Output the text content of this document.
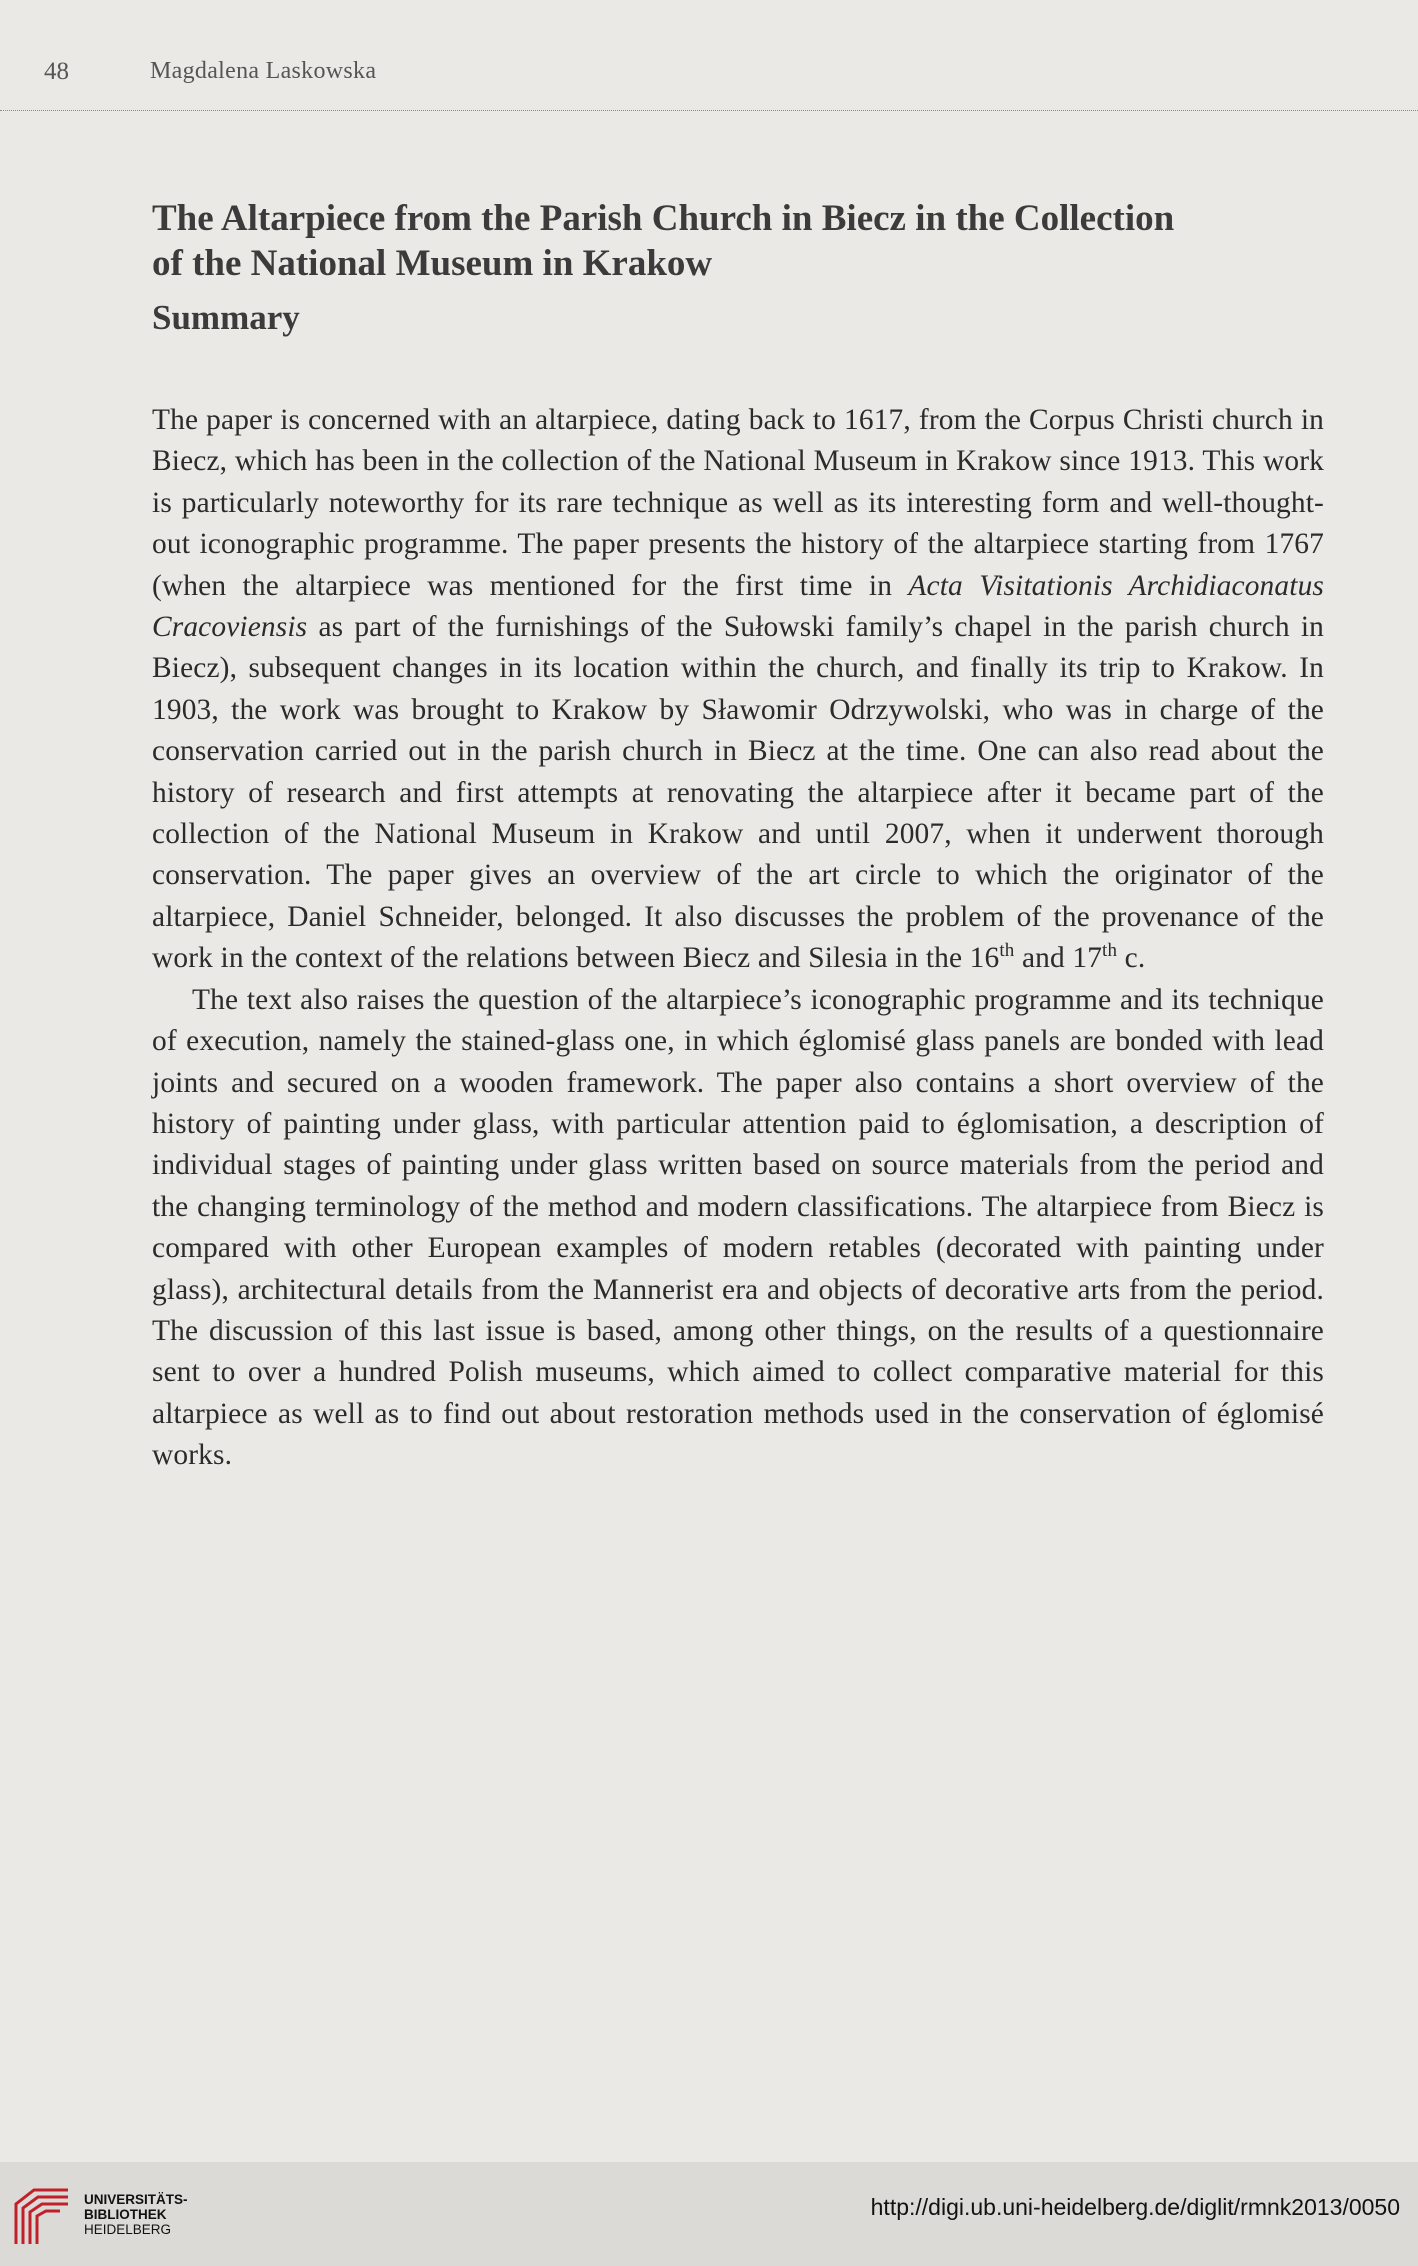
48	Magdalena Laskowska
The Altarpiece from the Parish Church in Biecz in the Collection
of the National Museum in Krakow
Summary

The paper is concerned with an altarpiece, dating back to 1617, from the Corpus Christi church in Biecz, which has been in the collection of the National Museum in Krakow since 1913. This work is particularly noteworthy for its rare technique as well as its interesting form and well-thought-out iconographic programme. The paper presents the history of the altarpiece starting from 1767 (when the altarpiece was mentioned for the first time in Acta Visitationis Archidiaconatus Cracoviensis as part of the furnishings of the Sułowski family’s chapel in the parish church in Biecz), subsequent changes in its location within the church, and finally its trip to Krakow. In 1903, the work was brought to Krakow by Sławomir Odrzywolski, who was in charge of the conservation carried out in the parish church in Biecz at the time. One can also read about the history of research and first attempts at renovating the altarpiece after it became part of the collection of the National Museum in Krakow and until 2007, when it underwent thorough conservation. The paper gives an overview of the art circle to which the originator of the altarpiece, Daniel Schneider, belonged. It also discusses the problem of the provenance of the work in the context of the relations between Biecz and Silesia in the 16th and 17th c.

The text also raises the question of the altarpiece’s iconographic programme and its technique of execution, namely the stained-glass one, in which églomisé glass panels are bonded with lead joints and secured on a wooden framework. The paper also contains a short overview of the history of painting under glass, with particular attention paid to églomisation, a description of individual stages of painting under glass written based on source materials from the period and the changing terminology of the method and modern classifications. The altarpiece from Biecz is compared with other European examples of modern retables (decorated with painting under glass), architectural details from the Mannerist era and objects of decorative arts from the period. The discussion of this last issue is based, among other things, on the results of a questionnaire sent to over a hundred Polish museums, which aimed to collect comparative material for this altarpiece as well as to find out about restoration methods used in the conservation of églomisé works.

UNIVERSITÄTS-
BIBLIOTHEK
HEIDELBERG
http://digi.ub.uni-heidelberg.de/diglit/rmnk2013/0050
